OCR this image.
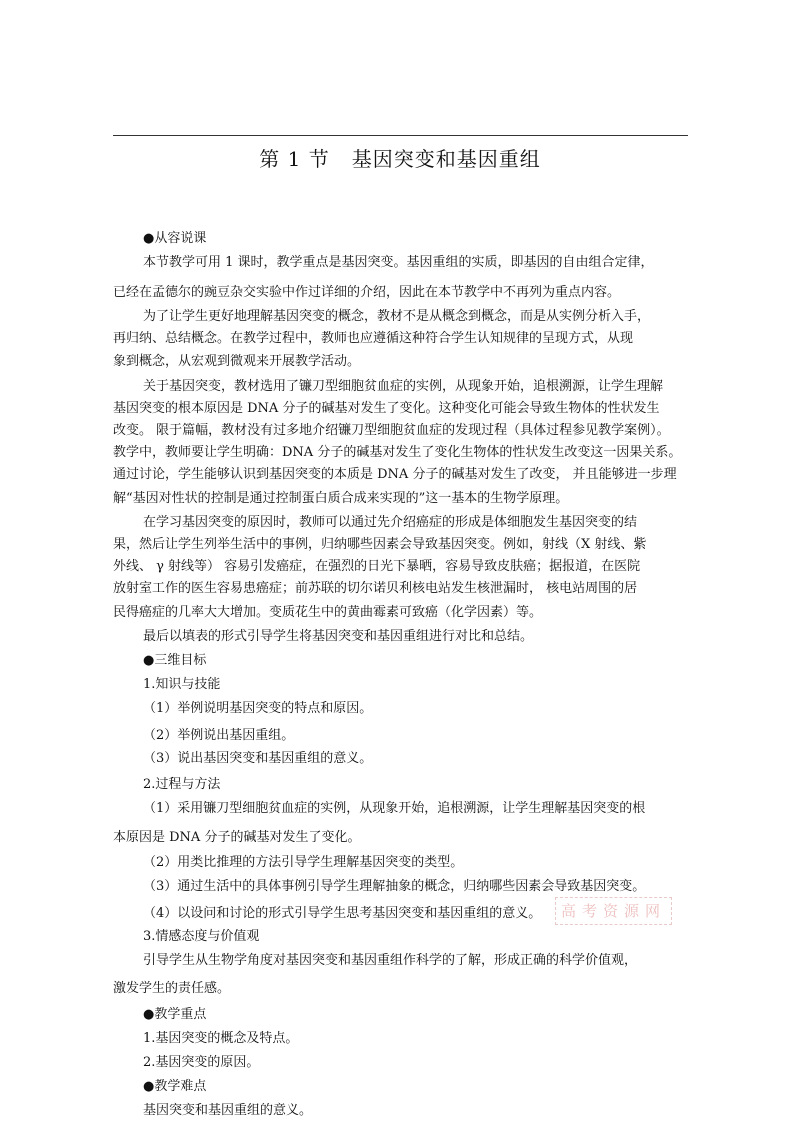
第 1 节 基因突变和基因重组
●从容说课
本节教学可用 1 课时，教学重点是基因突变。基因重组的实质，即基因的自由组合定律，
已经在孟德尔的豌豆杂交实验中作过详细的介绍，因此在本节教学中不再列为重点内容。
为了让学生更好地理解基因突变的概念，教材不是从概念到概念，而是从实例分析入手，
再归纳、总结概念。在教学过程中，教师也应遵循这种符合学生认知规律的呈现方式，从现
象到概念，从宏观到微观来开展教学活动。
关于基因突变，教材选用了镰刀型细胞贫血症的实例，从现象开始，追根溯源，让学生理解
基因突变的根本原因是 DNA 分子的碱基对发生了变化。这种变化可能会导致生物体的性状发生
改变。 限于篇幅，教材没有过多地介绍镰刀型细胞贫血症的发现过程（具体过程参见教学案例）。
教学中，教师要让学生明确：DNA 分子的碱基对发生了变化生物体的性状发生改变这一因果关系。
通过讨论，学生能够认识到基因突变的本质是 DNA 分子的碱基对发生了改变， 并且能够进一步理
解“基因对性状的控制是通过控制蛋白质合成来实现的”这一基本的生物学原理。
在学习基因突变的原因时，教师可以通过先介绍癌症的形成是体细胞发生基因突变的结
果，然后让学生列举生活中的事例，归纳哪些因素会导致基因突变。例如，射线（X 射线、紫
外线、 γ 射线等） 容易引发癌症，在强烈的日光下暴晒，容易导致皮肤癌；据报道，在医院
放射室工作的医生容易患癌症；前苏联的切尔诺贝利核电站发生核泄漏时， 核电站周围的居
民得癌症的几率大大增加。变质花生中的黄曲霉素可致癌（化学因素）等。
最后以填表的形式引导学生将基因突变和基因重组进行对比和总结。
●三维目标
1.知识与技能
（1）举例说明基因突变的特点和原因。
（2）举例说出基因重组。
（3）说出基因突变和基因重组的意义。
2.过程与方法
（1）采用镰刀型细胞贫血症的实例，从现象开始，追根溯源，让学生理解基因突变的根
本原因是 DNA 分子的碱基对发生了变化。
（2）用类比推理的方法引导学生理解基因突变的类型。
（3）通过生活中的具体事例引导学生理解抽象的概念，归纳哪些因素会导致基因突变。
（4）以设问和讨论的形式引导学生思考基因突变和基因重组的意义。
3.情感态度与价值观
引导学生从生物学角度对基因突变和基因重组作科学的了解，形成正确的科学价值观，
激发学生的责任感。
●教学重点
1.基因突变的概念及特点。
2.基因突变的原因。
●教学难点
基因突变和基因重组的意义。
高考资源网
